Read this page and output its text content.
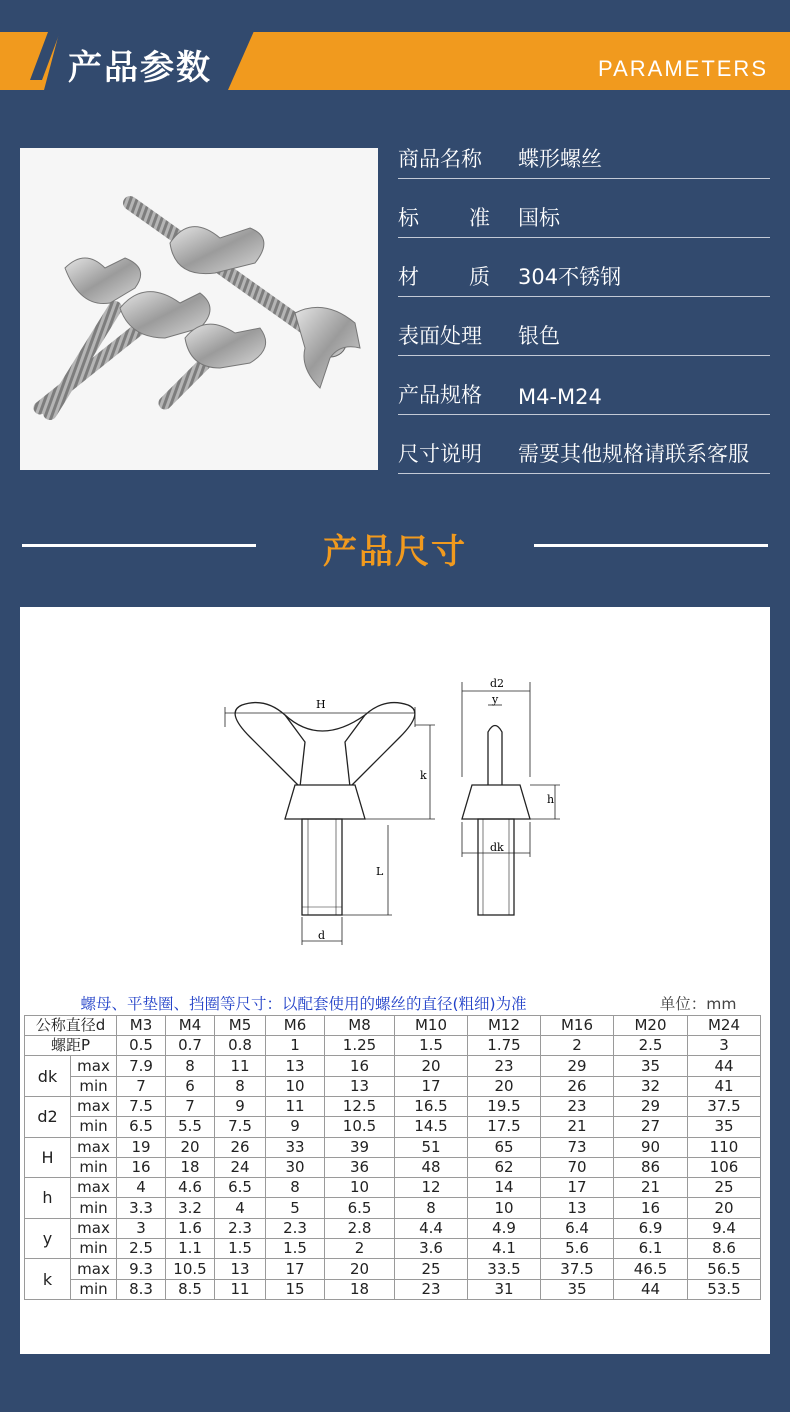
产品参数	PARAMETERS
商品名称	蝶形螺丝
标 准 国标
材 质 304不锈钢
表面处理	银色
产品规格	M4-M24
尺寸说明	需要其他规格请联系客服
产品尺寸
H
k
L
d
d2
y
h
dk
螺母、平垫圈、挡圈等尺寸：以配套使用的螺丝的直径(粗细)为准										单位：mm	
公称直径d		M3	M4	M5	M6	M8	M10	M12	M16	M20	M24
螺距P		0.5	0.7	0.8	1	1.25	1.5	1.75	2	2.5	3
dk	max	7.9	8	11	13	16	20	23	29	35	44
	min	7	6	8	10	13	17	20	26	32	41
d2	max	7.5	7	9	11	12.5	16.5	19.5	23	29	37.5
	min	6.5	5.5	7.5	9	10.5	14.5	17.5	21	27	35
H	max	19	20	26	33	39	51	65	73	90	110
	min	16	18	24	30	36	48	62	70	86	106
h	max	4	4.6	6.5	8	10	12	14	17	21	25
	min	3.3	3.2	4	5	6.5	8	10	13	16	20
y	max	3	1.6	2.3	2.3	2.8	4.4	4.9	6.4	6.9	9.4
	min	2.5	1.1	1.5	1.5	2	3.6	4.1	5.6	6.1	8.6
k	max	9.3	10.5	13	17	20	25	33.5	37.5	46.5	56.5
	min	8.3	8.5	11	15	18	23	31	35	44	53.5
